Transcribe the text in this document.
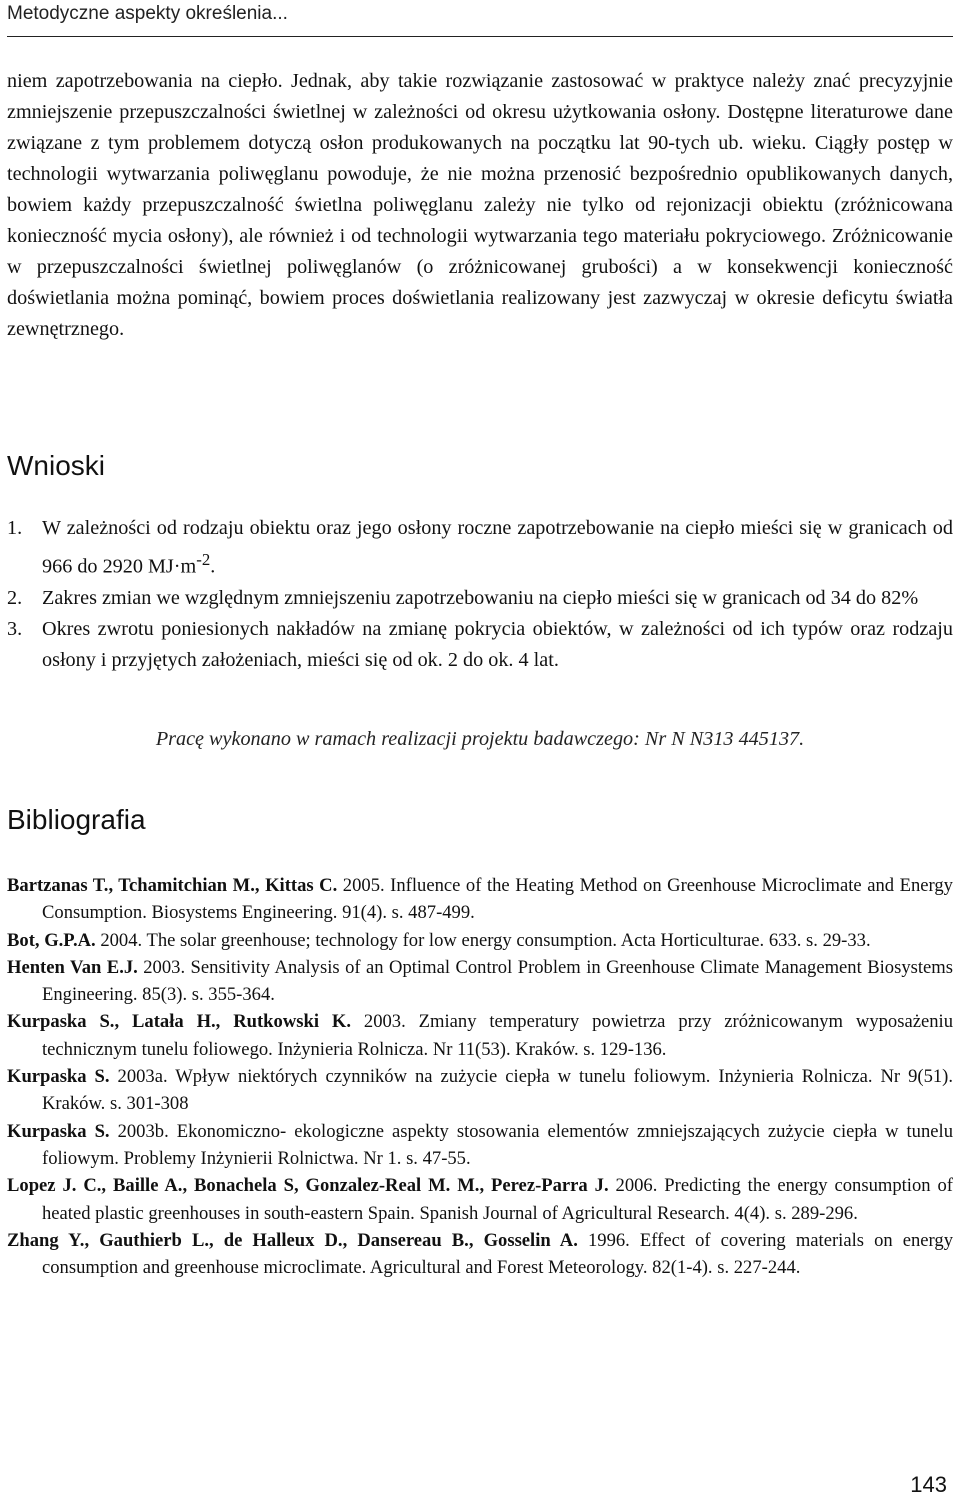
Metodyczne aspekty określenia...

niem zapotrzebowania na ciepło. Jednak, aby takie rozwiązanie zastosować w praktyce należy znać precyzyjnie zmniejszenie przepuszczalności świetlnej w zależności od okresu użytkowania osłony. Dostępne literaturowe dane związane z tym problemem dotyczą osłon produkowanych na początku lat 90-tych ub. wieku. Ciągły postęp w technologii wytwarzania poliwęglanu powoduje, że nie można przenosić bezpośrednio opublikowanych danych, bowiem każdy przepuszczalność świetlna poliwęglanu zależy nie tylko od rejonizacji obiektu (zróżnicowana konieczność mycia osłony), ale również i od technologii wytwarzania tego materiału pokryciowego. Zróżnicowanie w przepuszczalności świetlnej poliwęglanów (o zróżnicowanej grubości) a w konsekwencji konieczność doświetlania można pominąć, bowiem proces doświetlania realizowany jest zazwyczaj w okresie deficytu światła zewnętrznego.

Wnioski
1. W zależności od rodzaju obiektu oraz jego osłony roczne zapotrzebowanie na ciepło mieści się w granicach od 966 do 2920 $MJ\cdot m^{-2}$.
2. Zakres zmian we względnym zmniejszeniu zapotrzebowaniu na ciepło mieści się w granicach od 34 do 82%
3. Okres zwrotu poniesionych nakładów na zmianę pokrycia obiektów, w zależności od ich typów oraz rodzaju osłony i przyjętych założeniach, mieści się od ok. 2 do ok. 4 lat.

Pracę wykonano w ramach realizacji projektu badawczego: Nr N N313 445137.

Bibliografia
Bartzanas T., Tchamitchian M., Kittas C. 2005. Influence of the Heating Method on Greenhouse Microclimate and Energy Consumption. Biosystems Engineering. 91(4). s. 487-499.
Bot, G.P.A. 2004. The solar greenhouse; technology for low energy consumption. Acta Horticulturae. 633. s. 29-33.
Henten Van E.J. 2003. Sensitivity Analysis of an Optimal Control Problem in Greenhouse Climate Management Biosystems Engineering. 85(3). s. 355-364.
Kurpaska S., Latała H., Rutkowski K. 2003. Zmiany temperatury powietrza przy zróżnicowanym wyposażeniu technicznym tunelu foliowego. Inżynieria Rolnicza. Nr 11(53). Kraków. s. 129-136.
Kurpaska S. 2003a. Wpływ niektórych czynników na zużycie ciepła w tunelu foliowym. Inżynieria Rolnicza. Nr 9(51). Kraków. s. 301-308
Kurpaska S. 2003b. Ekonomiczno- ekologiczne aspekty stosowania elementów zmniejszających zużycie ciepła w tunelu foliowym. Problemy Inżynierii Rolnictwa. Nr 1. s. 47-55.
Lopez J. C., Baille A., Bonachela S, Gonzalez-Real M. M., Perez-Parra J. 2006. Predicting the energy consumption of heated plastic greenhouses in south-eastern Spain. Spanish Journal of Agricultural Research. 4(4). s. 289-296.
Zhang Y., Gauthierb L., de Halleux D., Dansereau B., Gosselin A. 1996. Effect of covering materials on energy consumption and greenhouse microclimate. Agricultural and Forest Meteorology. 82(1-4). s. 227-244.
143
